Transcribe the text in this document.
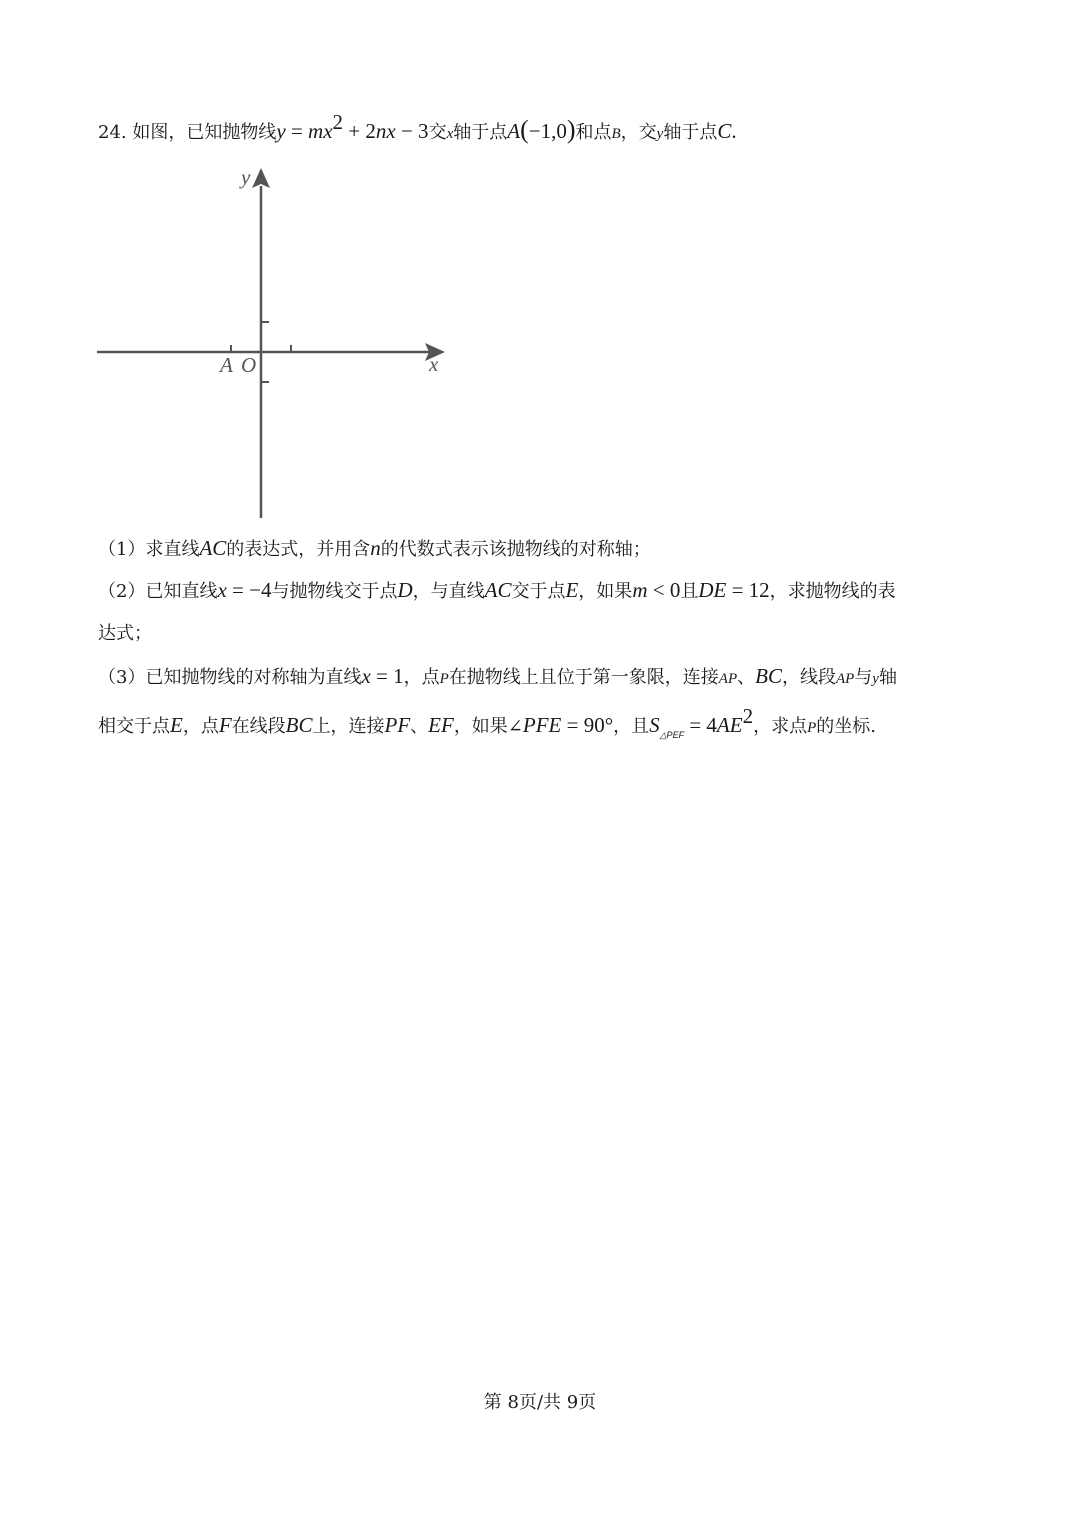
24. 如图，已知抛物线$y = mx^2 + 2nx - 3$交x轴于点A(−1,0)和点B，交y轴于点C.
y
x
A O
（1）求直线AC的表达式，并用含n的代数式表示该抛物线的对称轴；
（2）已知直线x = −4与抛物线交于点D，与直线AC交于点E，如果m < 0且DE = 12，求抛物线的表
达式；
（3）已知抛物线的对称轴为直线x = 1，点P在抛物线上且位于第一象限，连接AP、BC，线段AP与y轴
相交于点E，点F在线段BC上，连接PF、EF，如果∠PFE = 90°，且$S_{\triangle PEF} = 4AE^2$，求点P的坐标.
第 8页/共 9页
